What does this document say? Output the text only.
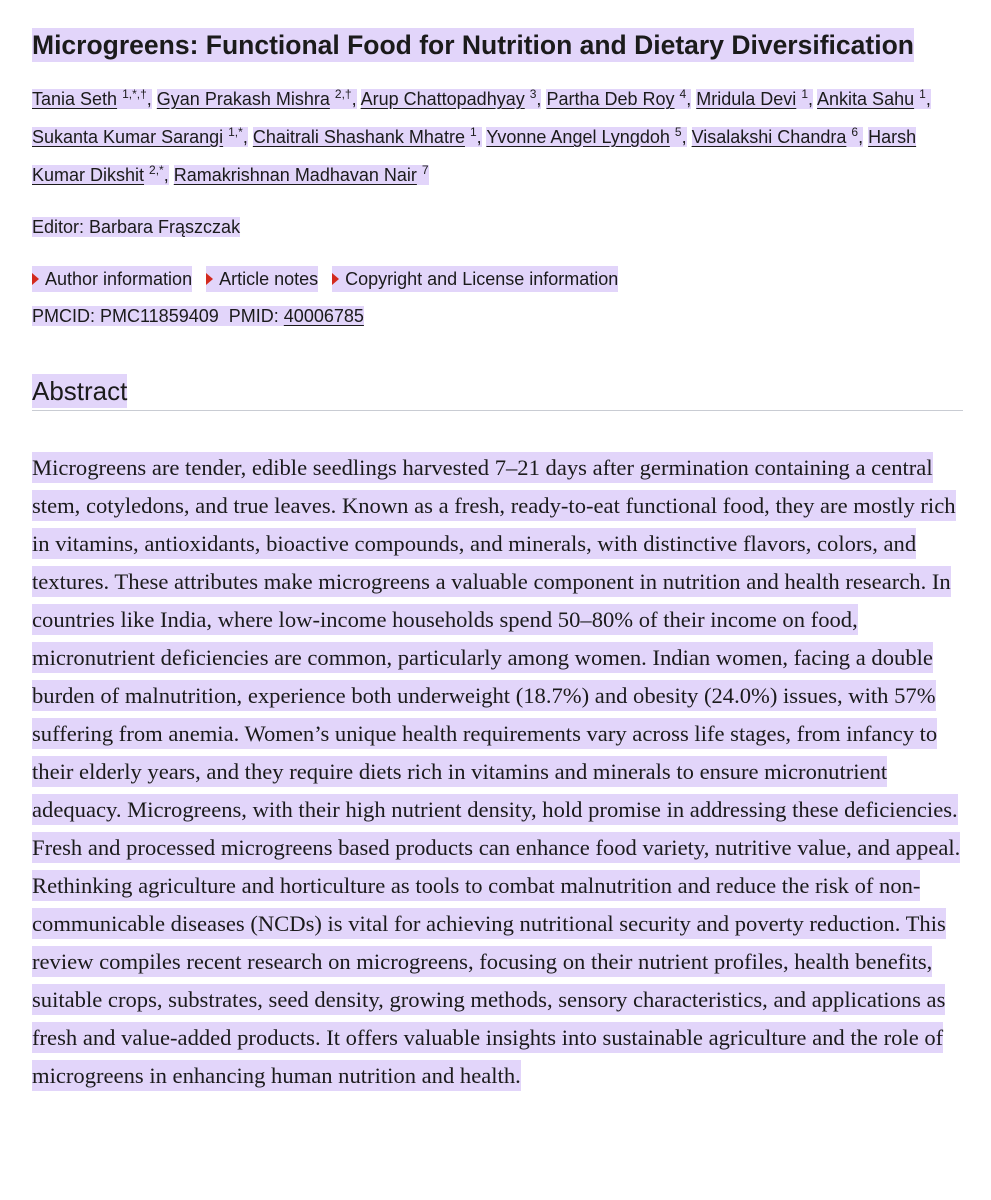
Microgreens: Functional Food for Nutrition and Dietary Diversification
Tania Seth $^{1,*,\dagger}$, Gyan Prakash Mishra $^{2,\dagger}$, Arup Chattopadhyay $^3$, Partha Deb Roy $^4$, Mridula Devi $^1$, Ankita Sahu $^1$, Sukanta Kumar Sarangi $^{1,*}$, Chaitrali Shashank Mhatre $^1$, Yvonne Angel Lyngdoh $^5$, Visalakshi Chandra $^6$, Harsh Kumar Dikshit $^{2,*}$, Ramakrishnan Madhavan Nair $^7$
Editor: Barbara Frąszczak
Author information Article notes Copyright and License information
PMCID: PMC11859409 PMID: 40006785
Abstract
Microgreens are tender, edible seedlings harvested 7–21 days after germination containing a central stem, cotyledons, and true leaves. Known as a fresh, ready-to-eat functional food, they are mostly rich in vitamins, antioxidants, bioactive compounds, and minerals, with distinctive flavors, colors, and textures. These attributes make microgreens a valuable component in nutrition and health research. In countries like India, where low-income households spend 50–80% of their income on food, micronutrient deficiencies are common, particularly among women. Indian women, facing a double burden of malnutrition, experience both underweight (18.7%) and obesity (24.0%) issues, with 57% suffering from anemia. Women’s unique health requirements vary across life stages, from infancy to their elderly years, and they require diets rich in vitamins and minerals to ensure micronutrient adequacy. Microgreens, with their high nutrient density, hold promise in addressing these deficiencies. Fresh and processed microgreens based products can enhance food variety, nutritive value, and appeal. Rethinking agriculture and horticulture as tools to combat malnutrition and reduce the risk of non-communicable diseases (NCDs) is vital for achieving nutritional security and poverty reduction. This review compiles recent research on microgreens, focusing on their nutrient profiles, health benefits, suitable crops, substrates, seed density, growing methods, sensory characteristics, and applications as fresh and value-added products. It offers valuable insights into sustainable agriculture and the role of microgreens in enhancing human nutrition and health.
